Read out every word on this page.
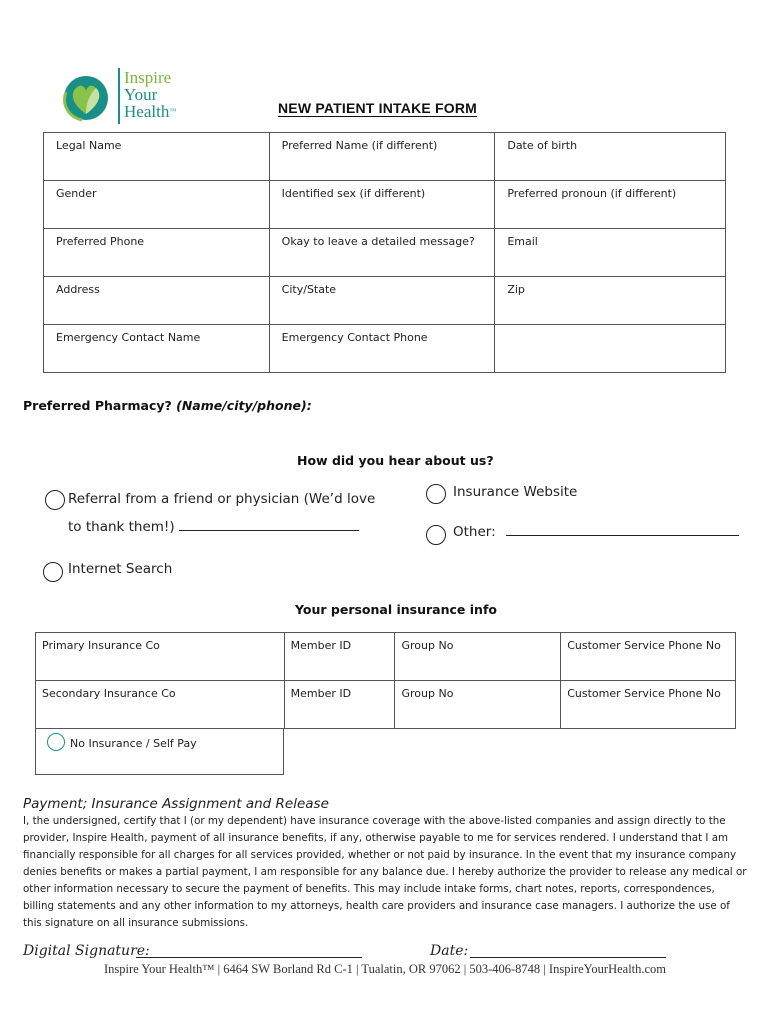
Inspire
Your
Health™	NEW PATIENT INTAKE FORM
Legal Name	Preferred Name (if different)	Date of birth
Gender	Identified sex (if different)	Preferred pronoun (if different)
Preferred Phone	Okay to leave a detailed message?	Email
Address	City/State	Zip
Emergency Contact Name	Emergency Contact Phone	
Preferred Pharmacy? (Name/city/phone):
How did you hear about us?
Referral from a friend or physician (We’d love
to thank them!)
Insurance Website
Other:
Internet Search
Your personal insurance info
Primary Insurance Co	Member ID	Group No	Customer Service Phone No
Secondary Insurance Co	Member ID	Group No	Customer Service Phone No
No Insurance / Self Pay
Payment; Insurance Assignment and Release
I, the undersigned, certify that I (or my dependent) have insurance coverage with the above-listed companies and assign directly to the provider, Inspire Health, payment of all insurance benefits, if any, otherwise payable to me for services rendered. I understand that I am financially responsible for all charges for all services provided, whether or not paid by insurance. In the event that my insurance company denies benefits or makes a partial payment, I am responsible for any balance due. I hereby authorize the provider to release any medical or other information necessary to secure the payment of benefits. This may include intake forms, chart notes, reports, correspondences, billing statements and any other information to my attorneys, health care providers and insurance case managers. I authorize the use of this signature on all insurance submissions.
Digital Signature:	Date:
Inspire Your Health™ | 6464 SW Borland Rd C-1 | Tualatin, OR 97062 | 503-406-8748 | InspireYourHealth.com
